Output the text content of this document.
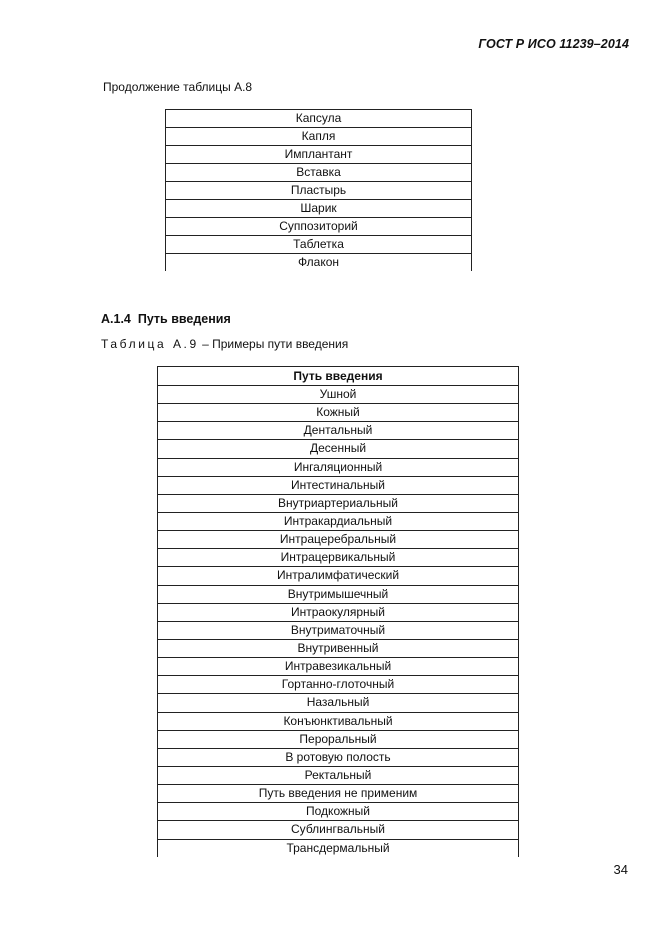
ГОСТ Р ИСО 11239–2014
Продолжение таблицы А.8
Капсула
Капля
Имплантант
Вставка
Пластырь
Шарик
Суппозиторий
Таблетка
Флакон
А.1.4 Путь введения
Таблица А.9 – Примеры пути введения
Путь введения
Ушной
Кожный
Дентальный
Десенный
Ингаляционный
Интестинальный
Внутриартериальный
Интракардиальный
Интрацеребральный
Интрацервикальный
Интралимфатический
Внутримышечный
Интраокулярный
Внутриматочный
Внутривенный
Интравезикальный
Гортанно-глоточный
Назальный
Конъюнктивальный
Пероральный
В ротовую полость
Ректальный
Путь введения не применим
Подкожный
Сублингвальный
Трансдермальный
34
